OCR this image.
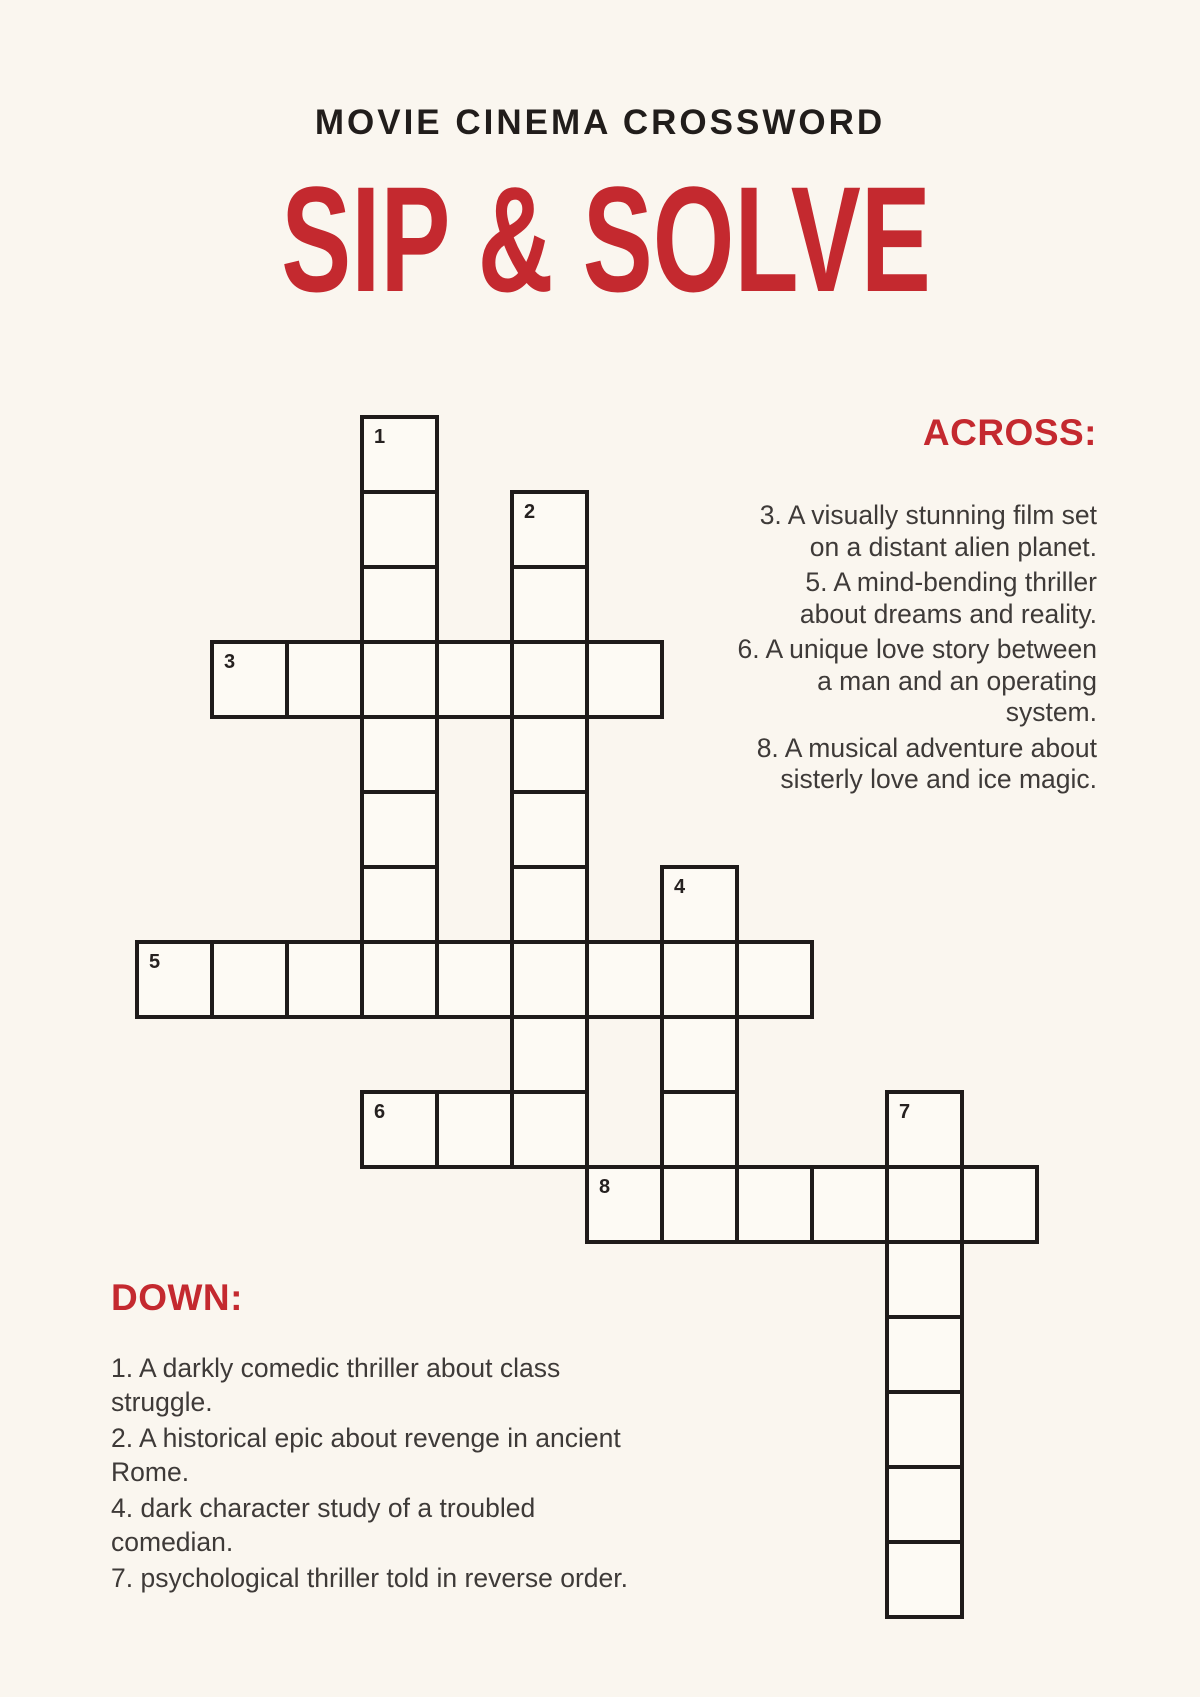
MOVIE CINEMA CROSSWORD
SIP & SOLVE
1
2
3
4
5
6	7
8
ACROSS:
3. A visually stunning film set
on a distant alien planet.
5. A mind-bending thriller
about dreams and reality.
6. A unique love story between
a man and an operating
system.
8. A musical adventure about
sisterly love and ice magic.
DOWN:
1. A darkly comedic thriller about class
struggle.
2. A historical epic about revenge in ancient
Rome.
4. dark character study of a troubled
comedian.
7. psychological thriller told in reverse order.
